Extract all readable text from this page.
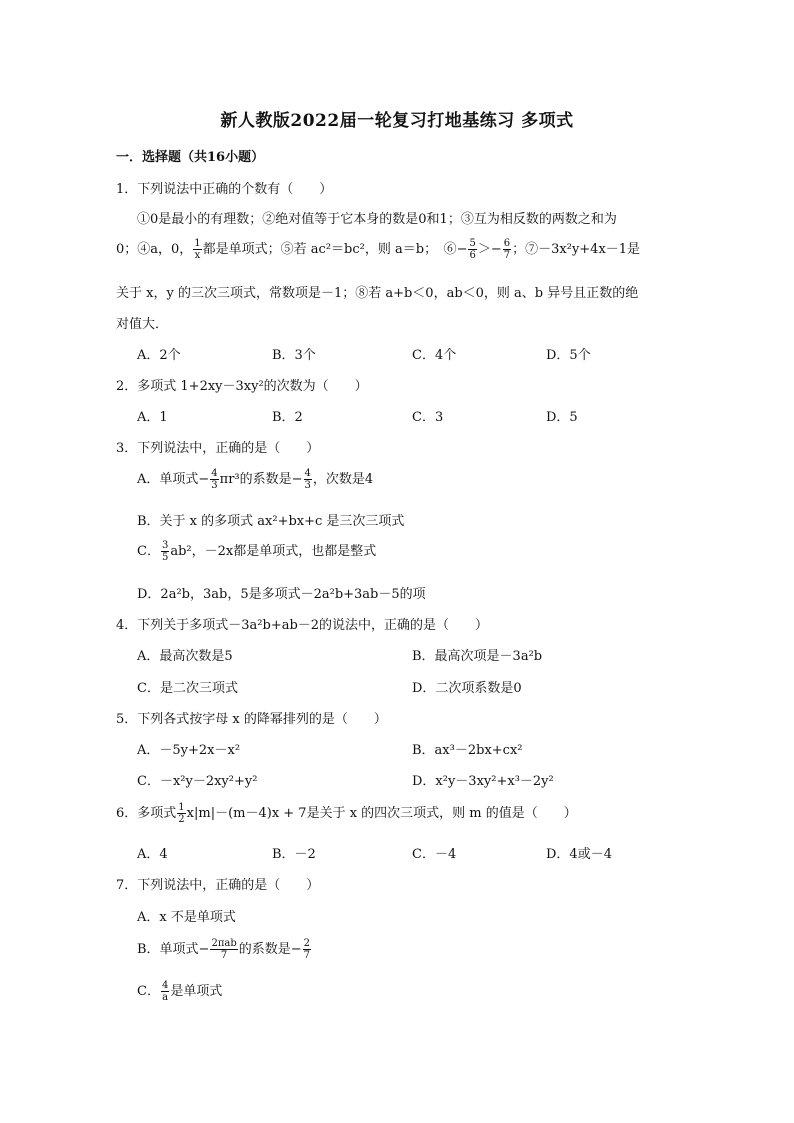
新人教版2022届一轮复习打地基练习 多项式
一．选择题（共16小题）
1．下列说法中正确的个数有（　　）
①0是最小的有理数；②绝对值等于它本身的数是0和1；③互为相反数的两数之和为
0；④a，0， $\frac{1}{x}$ 都是单项式；⑤若 ac²＝bc²，则 a＝b；　⑥− $\frac{5}{6} >- \frac{6}{7}$ ；⑦－3x²y+4x－1是
关于 x，y 的三次三项式，常数项是－1；⑧若 a+b＜0，ab＜0，则 a、b 异号且正数的绝
对值大．
A．2个	B．3个	C．4个	D．5个
2．多项式 1+2xy－3xy²的次数为（　　）
A．1	B．2	C．3	D．5
3．下列说法中，正确的是（　　）
A．单项式− $\frac{4}{3} \pi r^3$的系数是− $\frac{4}{3}$ ，次数是4
B．关于 x 的多项式 ax²+bx+c 是三次三项式
C． $\frac{3}{5} ab^2$，－2x都是单项式，也都是整式
D．2a²b，3ab，5是多项式－2a²b+3ab－5的项
4．下列关于多项式－3a²b+ab－2的说法中，正确的是（　　）
A．最高次数是5	B．最高次项是－3a²b
C．是二次三项式	D．二次项系数是0
5．下列各式按字母 x 的降幂排列的是（　　）
A．－5y+2x－x²	B．ax³－2bx+cx²
C．－x²y－2xy²+y²	D．x²y－3xy²+x³－2y²
6．多项式 $\frac{1}{2} x|m|-(m-4)x + 7$是关于 x 的四次三项式，则 m 的值是（　　）
A．4	B．－2	C．－4	D．4或－4
7．下列说法中，正确的是（　　）
A．x 不是单项式
B．单项式− $\frac{\text{2πab}}{7}$ 的系数是− $\frac{2}{7}$
C． $\frac{4}{a}$ 是单项式
